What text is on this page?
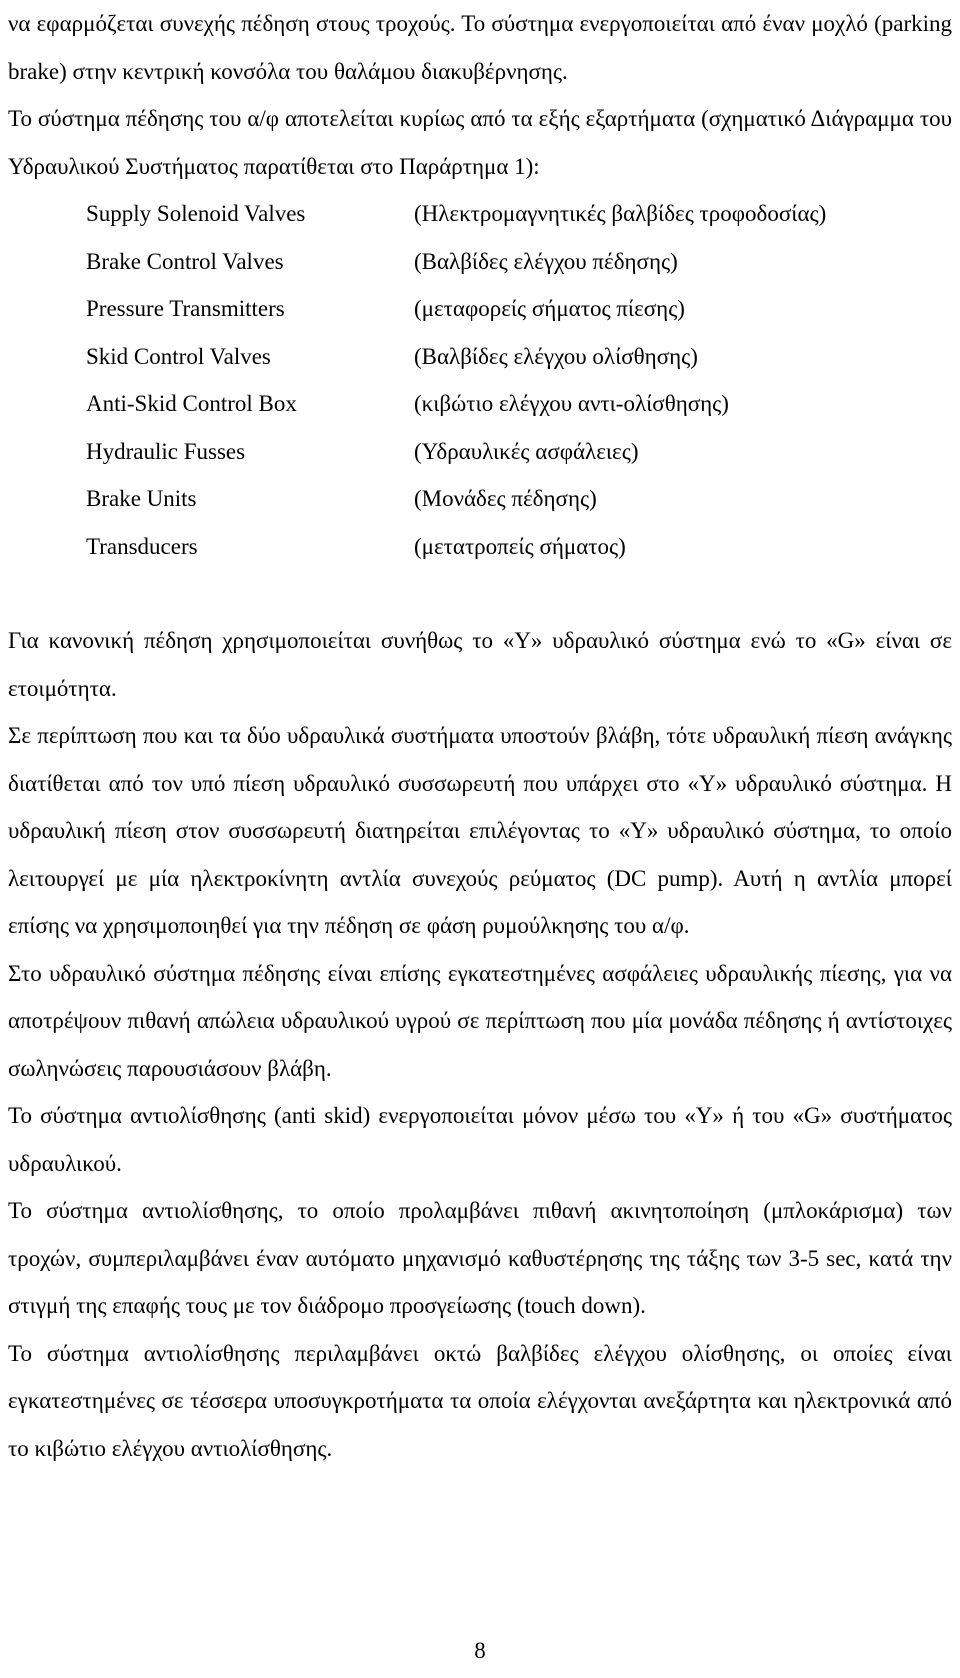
να εφαρμόζεται συνεχής πέδηση στους τροχούς. Το σύστημα ενεργοποιείται από έναν μοχλό (parking brake) στην κεντρική κονσόλα του θαλάμου διακυβέρνησης.

Το σύστημα πέδησης του α/φ αποτελείται κυρίως από τα εξής εξαρτήματα (σχηματικό Διάγραμμα του Υδραυλικού Συστήματος παρατίθεται στο Παράρτημα 1):

Supply Solenoid Valves	(Ηλεκτρομαγνητικές βαλβίδες τροφοδοσίας)
Brake Control Valves	(Βαλβίδες ελέγχου πέδησης)
Pressure Transmitters	(μεταφορείς σήματος πίεσης)
Skid Control Valves	(Βαλβίδες ελέγχου ολίσθησης)
Anti-Skid Control Box	(κιβώτιο ελέγχου αντι-ολίσθησης)
Hydraulic Fusses	(Υδραυλικές ασφάλειες)
Brake Units	(Μονάδες πέδησης)
Transducers	(μετατροπείς σήματος)

Για κανονική πέδηση χρησιμοποιείται συνήθως το «Y» υδραυλικό σύστημα ενώ το «G» είναι σε ετοιμότητα.

Σε περίπτωση που και τα δύο υδραυλικά συστήματα υποστούν βλάβη, τότε υδραυλική πίεση ανάγκης διατίθεται από τον υπό πίεση υδραυλικό συσσωρευτή που υπάρχει στο «Y» υδραυλικό σύστημα. Η υδραυλική πίεση στον συσσωρευτή διατηρείται επιλέγοντας το «Y» υδραυλικό σύστημα, το οποίο λειτουργεί με μία ηλεκτροκίνητη αντλία συνεχούς ρεύματος (DC pump). Αυτή η αντλία μπορεί επίσης να χρησιμοποιηθεί για την πέδηση σε φάση ρυμούλκησης του α/φ.

Στο υδραυλικό σύστημα πέδησης είναι επίσης εγκατεστημένες ασφάλειες υδραυλικής πίεσης, για να αποτρέψουν πιθανή απώλεια υδραυλικού υγρού σε περίπτωση που μία μονάδα πέδησης ή αντίστοιχες σωληνώσεις παρουσιάσουν βλάβη.

Το σύστημα αντιολίσθησης (anti skid) ενεργοποιείται μόνον μέσω του «Y» ή του «G» συστήματος υδραυλικού.

Το σύστημα αντιολίσθησης, το οποίο προλαμβάνει πιθανή ακινητοποίηση (μπλοκάρισμα) των τροχών, συμπεριλαμβάνει έναν αυτόματο μηχανισμό καθυστέρησης της τάξης των 3-5 sec, κατά την στιγμή της επαφής τους με τον διάδρομο προσγείωσης (touch down).

Το σύστημα αντιολίσθησης περιλαμβάνει οκτώ βαλβίδες ελέγχου ολίσθησης, οι οποίες είναι εγκατεστημένες σε τέσσερα υποσυγκροτήματα τα οποία ελέγχονται ανεξάρτητα και ηλεκτρονικά από το κιβώτιο ελέγχου αντιολίσθησης.

8
